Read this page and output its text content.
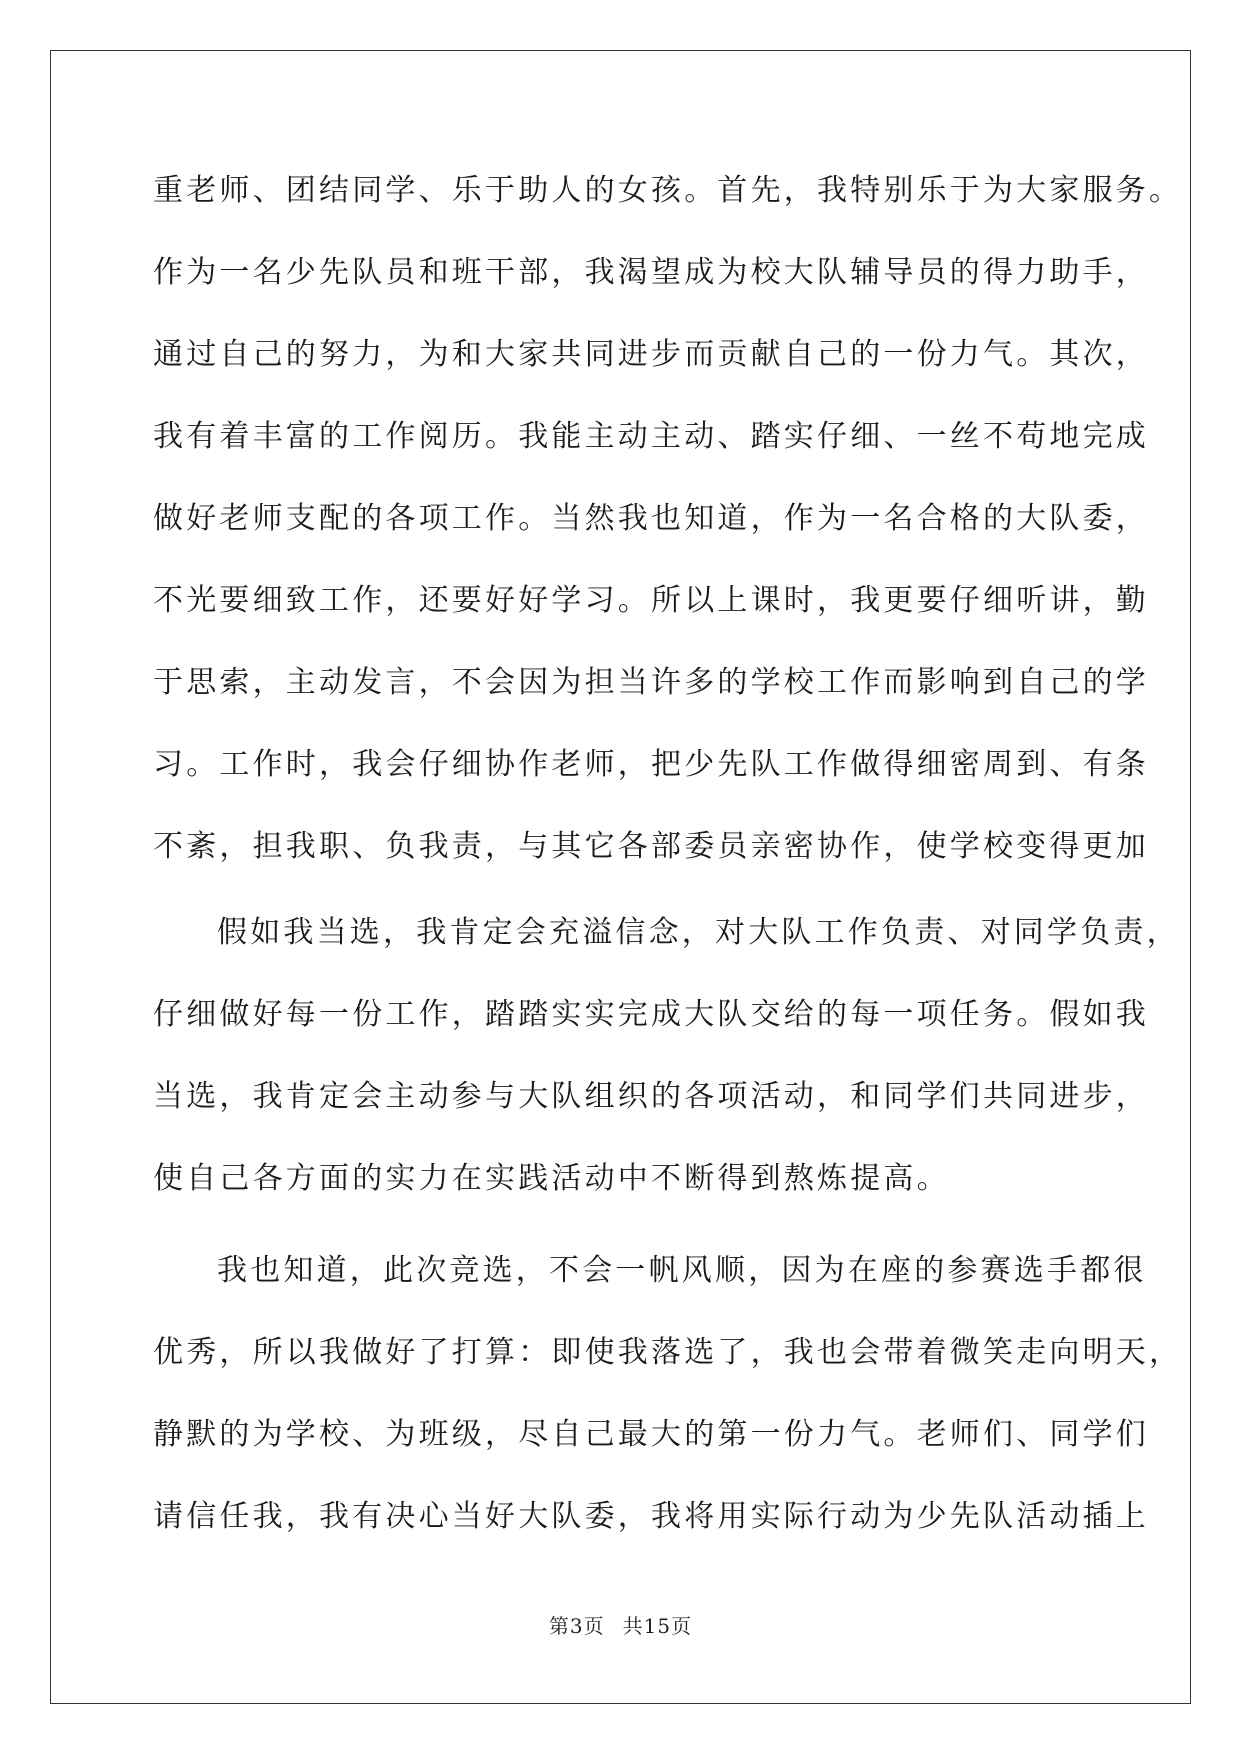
重老师、团结同学、乐于助人的女孩。首先，我特别乐于为大家服务。
作为一名少先队员和班干部，我渴望成为校大队辅导员的得力助手，
通过自己的努力，为和大家共同进步而贡献自己的一份力气。其次，
我有着丰富的工作阅历。我能主动主动、踏实仔细、一丝不苟地完成
做好老师支配的各项工作。当然我也知道，作为一名合格的大队委，
不光要细致工作，还要好好学习。所以上课时，我更要仔细听讲，勤
于思索，主动发言，不会因为担当许多的学校工作而影响到自己的学
习。工作时，我会仔细协作老师，把少先队工作做得细密周到、有条
不紊，担我职、负我责，与其它各部委员亲密协作，使学校变得更加
假如我当选，我肯定会充溢信念，对大队工作负责、对同学负责，
仔细做好每一份工作，踏踏实实完成大队交给的每一项任务。假如我
当选，我肯定会主动参与大队组织的各项活动，和同学们共同进步，
使自己各方面的实力在实践活动中不断得到熬炼提高。
我也知道，此次竞选，不会一帆风顺，因为在座的参赛选手都很
优秀，所以我做好了打算：即使我落选了，我也会带着微笑走向明天，
静默的为学校、为班级，尽自己最大的第一份力气。老师们、同学们
请信任我，我有决心当好大队委，我将用实际行动为少先队活动插上
第3页 共15页
